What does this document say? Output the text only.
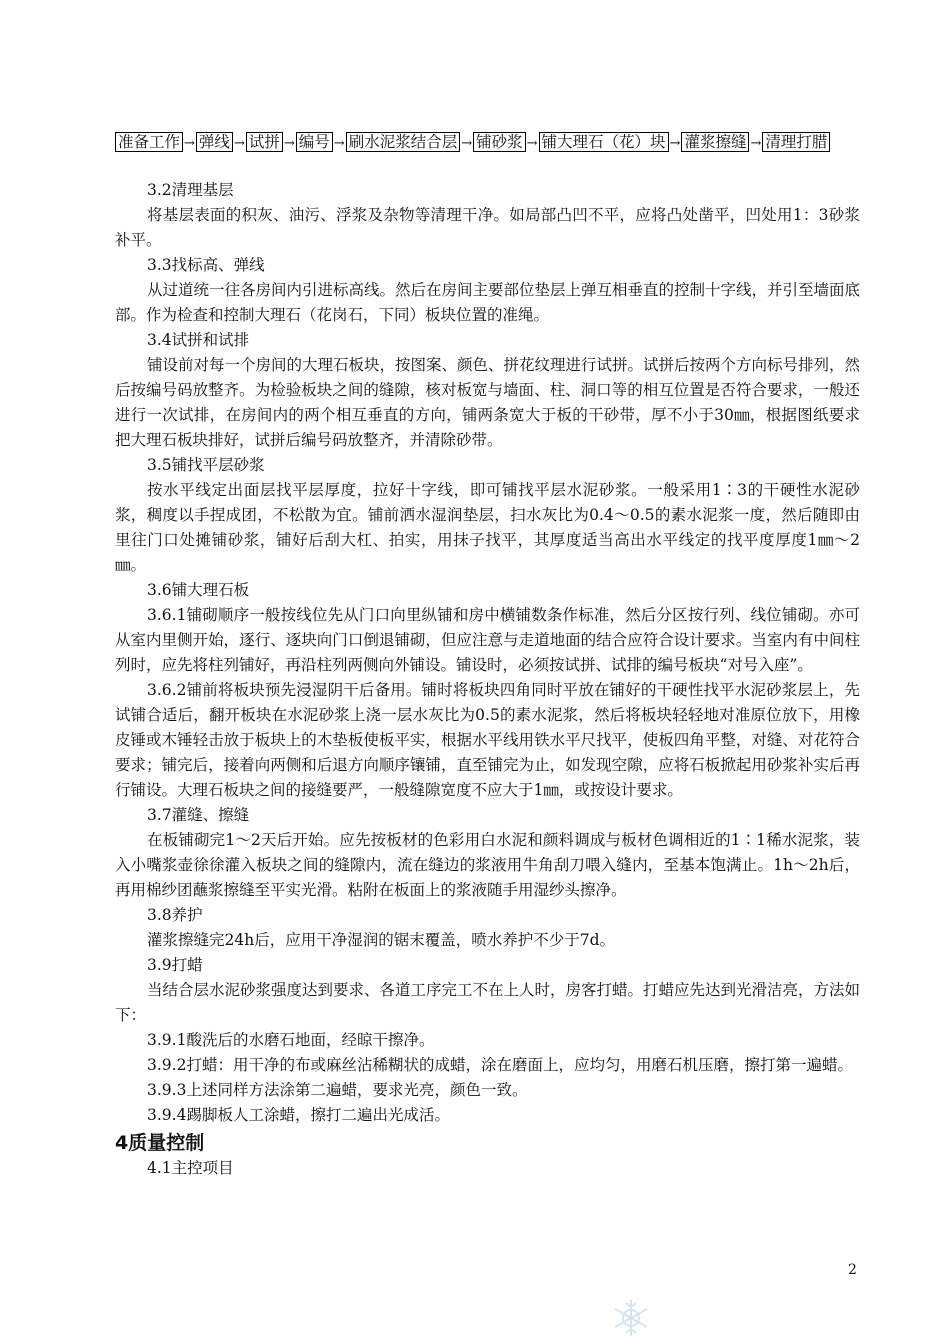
准备工作 → 弹线 → 试拼 → 编号 → 刷水泥浆结合层 → 铺砂浆 → 铺大理石（花）块 → 灌浆擦缝 → 清理打腊

3.2清理基层

将基层表面的积灰、油污、浮浆及杂物等清理干净。如局部凸凹不平，应将凸处凿平，凹处用1：3砂浆补平。

3.3找标高、弹线

从过道统一往各房间内引进标高线。然后在房间主要部位垫层上弹互相垂直的控制十字线，并引至墙面底部。作为检查和控制大理石（花岗石，下同）板块位置的准绳。

3.4试拼和试排

铺设前对每一个房间的大理石板块，按图案、颜色、拼花纹理进行试拼。试拼后按两个方向标号排列，然后按编号码放整齐。为检验板块之间的缝隙，核对板宽与墙面、柱、洞口等的相互位置是否符合要求，一般还进行一次试排，在房间内的两个相互垂直的方向，铺两条宽大于板的干砂带，厚不小于30㎜，根据图纸要求把大理石板块排好，试拼后编号码放整齐，并清除砂带。

3.5铺找平层砂浆

按水平线定出面层找平层厚度，拉好十字线，即可铺找平层水泥砂浆。一般采用1∶3的干硬性水泥砂浆，稠度以手捏成团，不松散为宜。铺前洒水湿润垫层，扫水灰比为0.4～0.5的素水泥浆一度，然后随即由里往门口处摊铺砂浆，铺好后刮大杠、拍实，用抹子找平，其厚度适当高出水平线定的找平度厚度1㎜～2㎜。

3.6铺大理石板

3.6.1铺砌顺序一般按线位先从门口向里纵铺和房中横铺数条作标准，然后分区按行列、线位铺砌。亦可从室内里侧开始，逐行、逐块向门口倒退铺砌，但应注意与走道地面的结合应符合设计要求。当室内有中间柱列时，应先将柱列铺好，再沿柱列两侧向外铺设。铺设时，必须按试拼、试排的编号板块“对号入座”。

3.6.2铺前将板块预先浸湿阴干后备用。铺时将板块四角同时平放在铺好的干硬性找平水泥砂浆层上，先试铺合适后，翻开板块在水泥砂浆上浇一层水灰比为0.5的素水泥浆，然后将板块轻轻地对准原位放下，用橡皮锤或木锤轻击放于板块上的木垫板使板平实，根据水平线用铁水平尺找平，使板四角平整，对缝、对花符合要求；铺完后，接着向两侧和后退方向顺序镶铺，直至铺完为止，如发现空隙，应将石板掀起用砂浆补实后再行铺设。大理石板块之间的接缝要严，一般缝隙宽度不应大于1㎜，或按设计要求。

3.7灌缝、擦缝

在板铺砌完1～2天后开始。应先按板材的色彩用白水泥和颜料调成与板材色调相近的1∶1稀水泥浆，装入小嘴浆壶徐徐灌入板块之间的缝隙内，流在缝边的浆液用牛角刮刀喂入缝内，至基本饱满止。1h～2h后，再用棉纱团蘸浆擦缝至平实光滑。粘附在板面上的浆液随手用湿纱头擦净。

3.8养护

灌浆擦缝完24h后，应用干净湿润的锯末覆盖，喷水养护不少于7d。

3.9打蜡

当结合层水泥砂浆强度达到要求、各道工序完工不在上人时，房客打蜡。打蜡应先达到光滑洁亮，方法如下：

3.9.1酸洗后的水磨石地面，经晾干擦净。

3.9.2打蜡：用干净的布或麻丝沾稀糊状的成蜡，涂在磨面上，应均匀，用磨石机压磨，擦打第一遍蜡。

3.9.3上述同样方法涂第二遍蜡，要求光亮，颜色一致。

3.9.4踢脚板人工涂蜡，擦打二遍出光成活。

4质量控制

4.1主控项目

2
